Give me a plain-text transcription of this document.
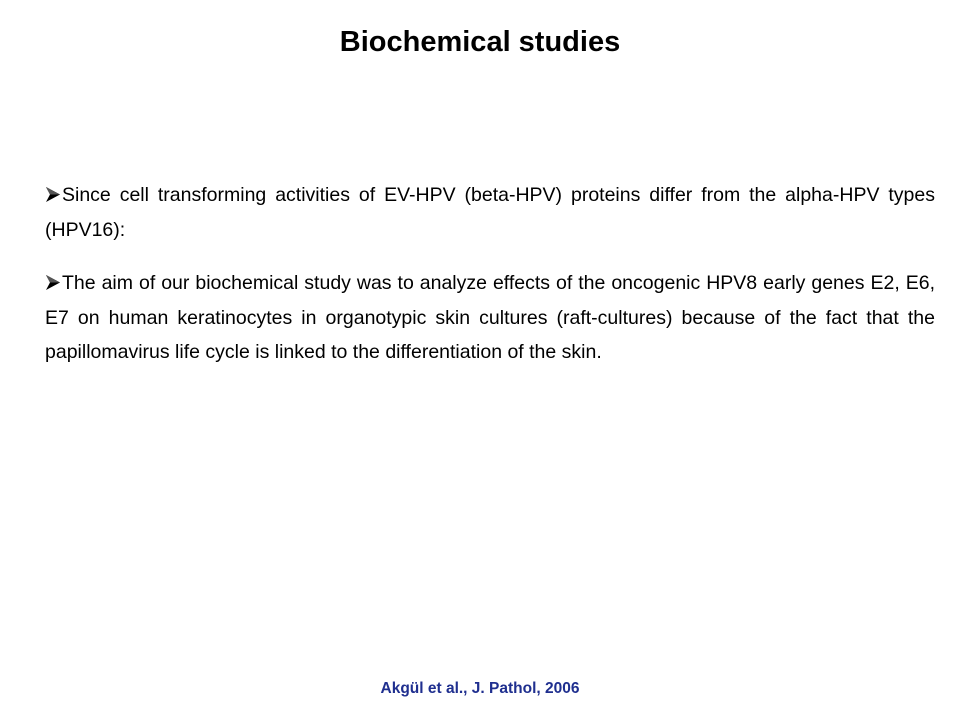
Biochemical studies

Since cell transforming activities of EV-HPV (beta-HPV) proteins differ from the alpha-HPV types (HPV16):

The aim of our biochemical study was to analyze effects of the oncogenic HPV8 early genes E2, E6, E7 on human keratinocytes in organotypic skin cultures (raft-cultures) because of the fact that the papillomavirus life cycle is linked to the differentiation of the skin.

Akgül et al., J. Pathol, 2006
